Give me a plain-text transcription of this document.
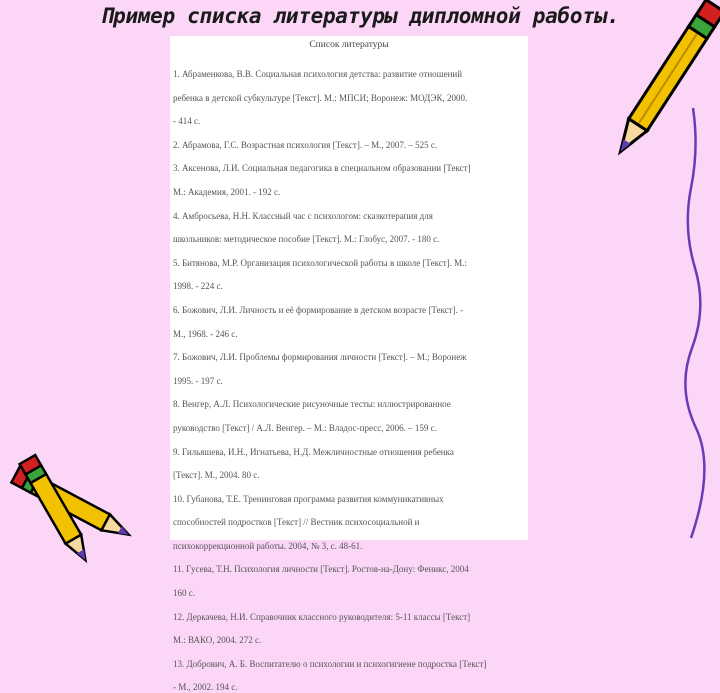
Пример списка литературы дипломной работы.
Список литературы
1. Абраменкова, В.В. Социальная психология детства: развитие отношений
ребенка в детской субкультуре [Текст]. М.: МПСИ; Воронеж: МОДЭК, 2000.
- 414 с.
2. Абрамова, Г.С. Возрастная психология [Текст]. – М., 2007. – 525 с.
3. Аксенова, Л.И. Социальная педагогика в специальном образовании [Текст]
М.: Академия, 2001. - 192 с.
4. Амбросьева, Н.Н. Классный час с психологом: сказкотерапия для
школьников: методическое пособие [Текст]. М.: Глобус, 2007. - 180 с.
5. Битянова, М.Р. Организация психологической работы в школе [Текст]. М.:
1998. - 224 с.
6. Божович, Л.И. Личность и её формирование в детском возрасте [Текст]. -
М., 1968. - 246 с.
7. Божович, Л.И. Проблемы формирования личности [Текст]. – М.; Воронеж
1995. - 197 с.
8. Венгер, А.Л. Психологические рисуночные тесты: иллюстрированное
руководство [Текст] / А.Л. Венгер. – М.: Владос-пресс, 2006. – 159 с.
9. Гильяшева, И.Н., Игнатьева, Н.Д. Межличностные отношения ребенка
[Текст]. М., 2004. 80 с.
10. Губанова, Т.Е. Тренинговая программа развития коммуникативных
способностей подростков [Текст] // Вестник психосоциальной и
психокоррекционной работы. 2004, № 3, с. 48-61.
11. Гусева, Т.Н. Психология личности [Текст]. Ростов-на-Дону: Феникс, 2004
160 с.
12. Деркачева, Н.И. Справочник классного руководителя: 5-11 классы [Текст]
М.: ВАКО, 2004. 272 с.
13. Добрович, А. Б. Воспитателю о психологии и психогигиене подростка [Текст]
- М., 2002. 194 с.
